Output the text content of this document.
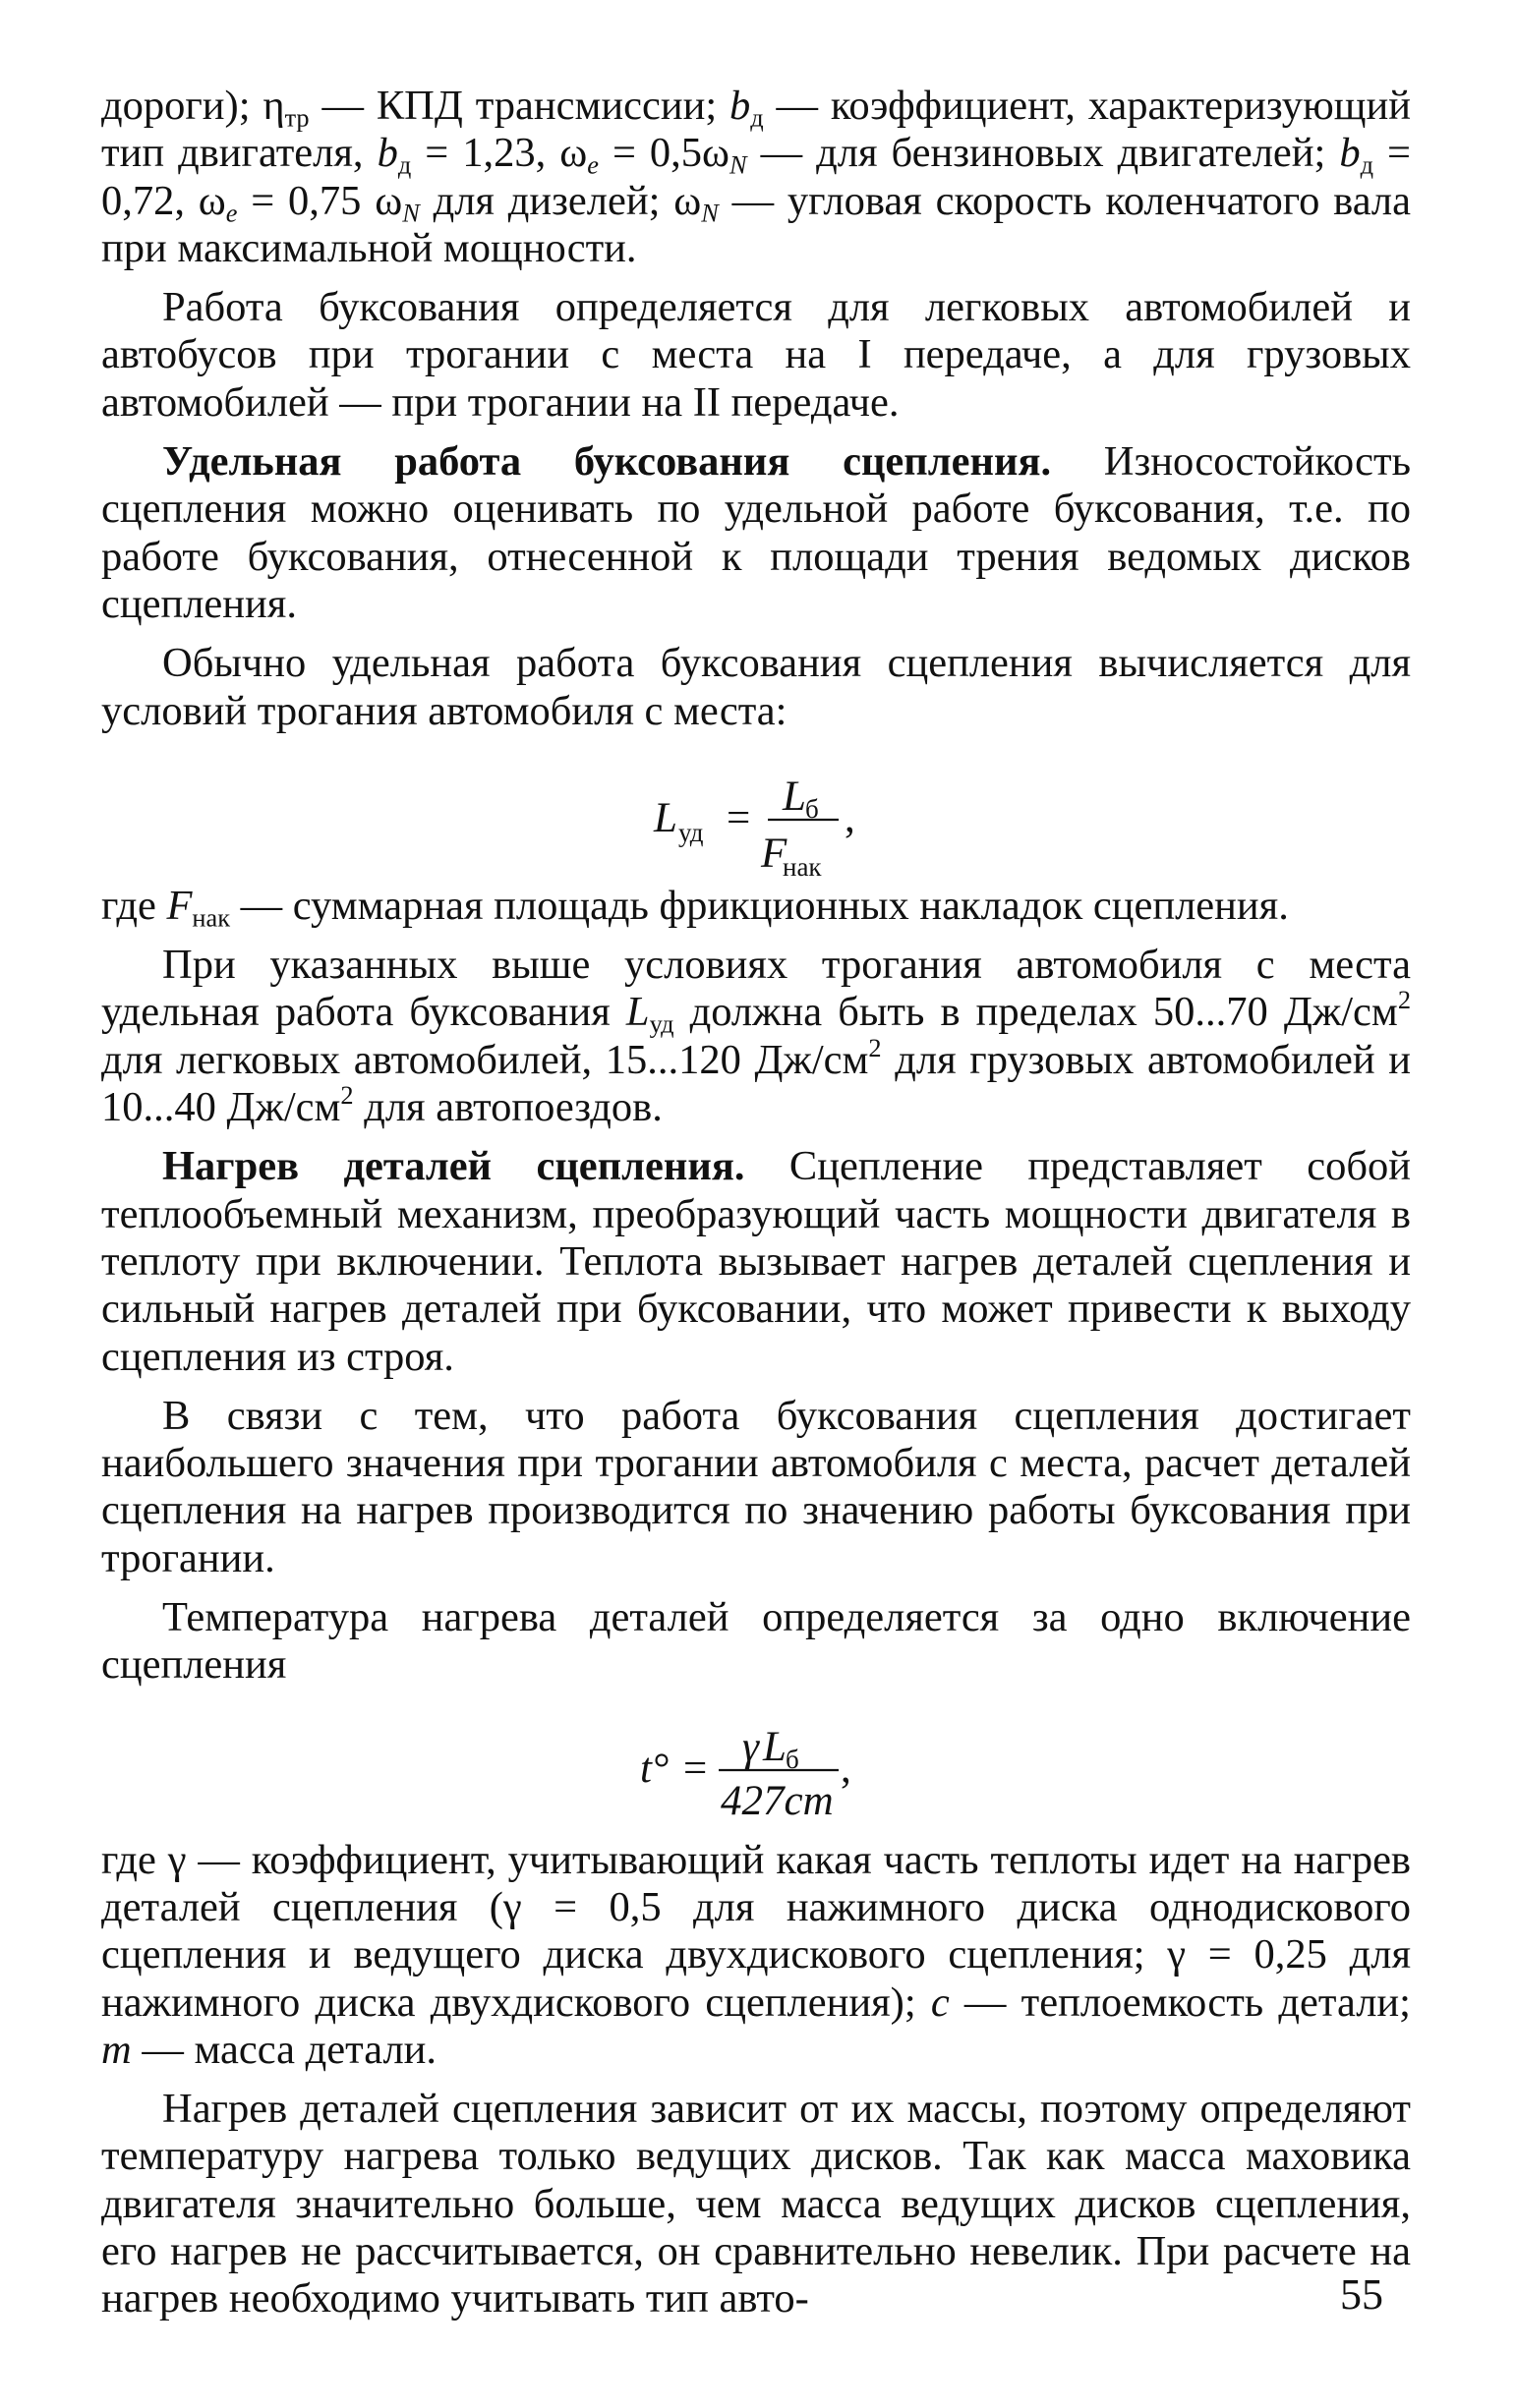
дороги); $\eta_{тр}$ — КПД трансмиссии; $b_д$ — коэффициент, характеризующий тип двигателя, $b_д = 1,23$, $\omega_e = 0,5\omega_N$ — для бензиновых двигателей; $b_д = 0,72$, $\omega_e = 0,75$ $\omega_N$ для дизелей; $\omega_N$ — угловая скорость коленчатого вала при максимальной мощности.

Работа буксования определяется для легковых автомобилей и автобусов при трогании с места на I передаче, а для грузовых автомобилей — при трогании на II передаче.

Удельная работа буксования сцепления. Износостойкость сцепления можно оценивать по удельной работе буксования, т.е. по работе буксования, отнесенной к площади трения ведомых дисков сцепления.

Обычно удельная работа буксования сцепления вычисляется для условий трогания автомобиля с места:

L уд = L б
F
нак
,

где $F_{нак}$ — суммарная площадь фрикционных накладок сцепления.

При указанных выше условиях трогания автомобиля с места удельная работа буксования $L_{уд}$ должна быть в пределах 50...70 $Дж/см^2$ для легковых автомобилей, 15...120 $Дж/см^2$ для грузовых автомобилей и 10...40 $Дж/см^2$ для автопоездов.

Нагрев деталей сцепления. Сцепление представляет собой теплообъемный механизм, преобразующий часть мощности двигателя в теплоту при включении. Теплота вызывает нагрев деталей сцепления и сильный нагрев деталей при буксовании, что может привести к выходу сцепления из строя.

В связи с тем, что работа буксования сцепления достигает наибольшего значения при трогании автомобиля с места, расчет деталей сцепления на нагрев производится по значению работы буксования при трогании.

Температура нагрева деталей определяется за одно включение сцепления

t° = γ L б
427cm
,

где γ — коэффициент, учитывающий какая часть теплоты идет на нагрев деталей сцепления (γ = 0,5 для нажимного диска однодискового сцепления и ведущего диска двухдискового сцепления; γ = 0,25 для нажимного диска двухдискового сцепления); c — теплоемкость детали; m — масса детали.

Нагрев деталей сцепления зависит от их массы, поэтому определяют температуру нагрева только ведущих дисков. Так как масса маховика двигателя значительно больше, чем масса ведущих дисков сцепления, его нагрев не рассчитывается, он сравнительно невелик. При расчете на нагрев необходимо учитывать тип авто-	55
